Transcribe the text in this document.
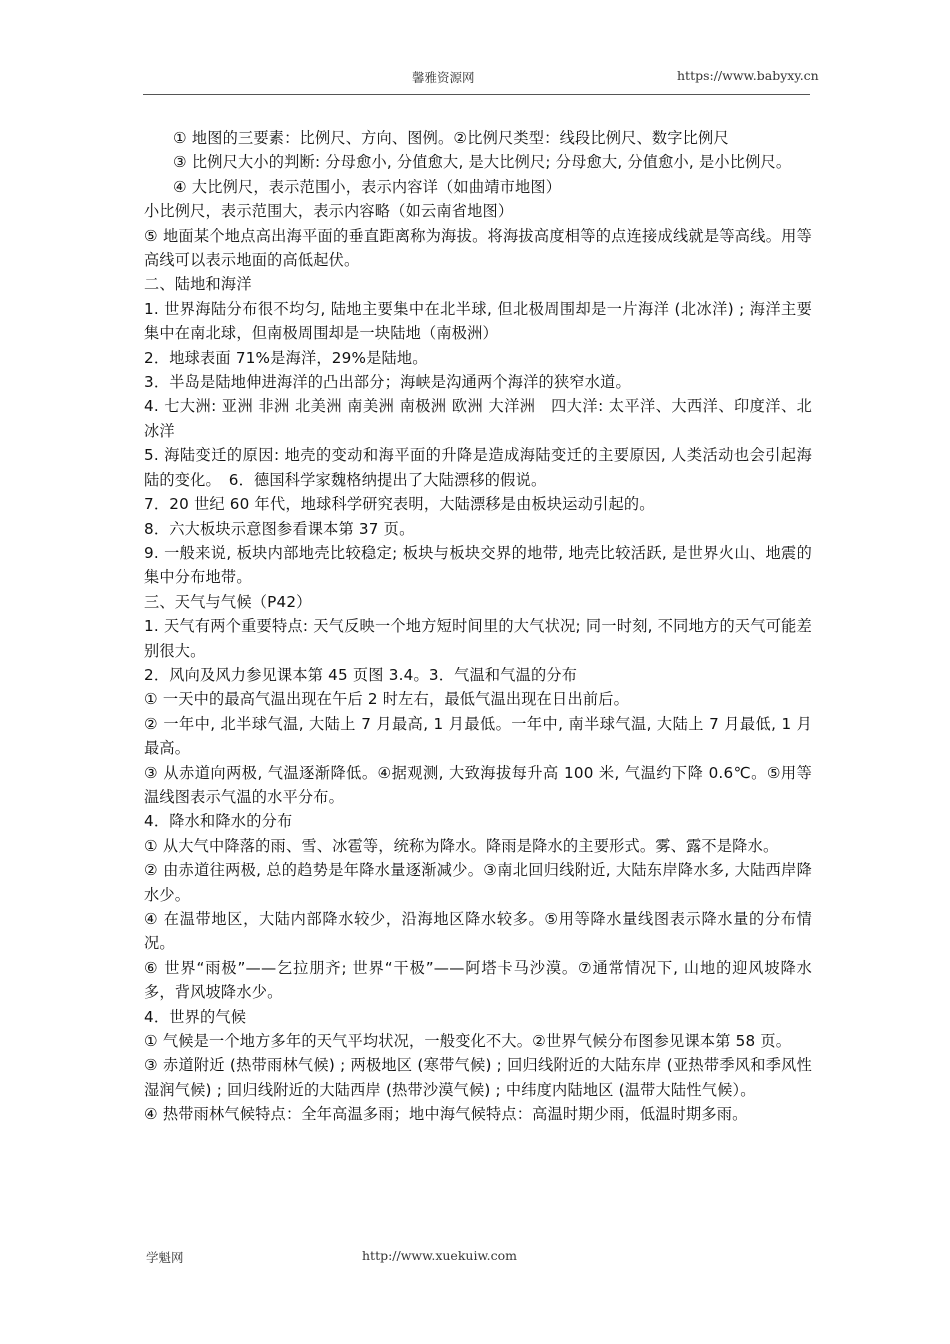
馨雅资源网	https://www.babyxy.cn

① 地图的三要素：比例尺、方向、图例。②比例尺类型：线段比例尺、数字比例尺

③ 比例尺大小的判断: 分母愈小, 分值愈大, 是大比例尺; 分母愈大, 分值愈小, 是小比例尺。

④ 大比例尺，表示范围小，表示内容详（如曲靖市地图）

小比例尺，表示范围大，表示内容略（如云南省地图）

⑤ 地面某个地点高出海平面的垂直距离称为海拔。将海拔高度相等的点连接成线就是等高线。用等高线可以表示地面的高低起伏。

二、陆地和海洋

1. 世界海陆分布很不均匀, 陆地主要集中在北半球, 但北极周围却是一片海洋 (北冰洋) ; 海洋主要集中在南北球，但南极周围却是一块陆地（南极洲）

2．地球表面 71%是海洋，29%是陆地。

3．半岛是陆地伸进海洋的凸出部分；海峡是沟通两个海洋的狭窄水道。

4. 七大洲: 亚洲 非洲 北美洲 南美洲 南极洲 欧洲 大洋洲　四大洋: 太平洋、大西洋、印度洋、北冰洋

5. 海陆变迁的原因: 地壳的变动和海平面的升降是造成海陆变迁的主要原因, 人类活动也会引起海陆的变化。　6．德国科学家魏格纳提出了大陆漂移的假说。

7．20 世纪 60 年代，地球科学研究表明，大陆漂移是由板块运动引起的。

8．六大板块示意图参看课本第 37 页。

9. 一般来说, 板块内部地壳比较稳定; 板块与板块交界的地带, 地壳比较活跃, 是世界火山、地震的集中分布地带。

三、天气与气候（P42）

1. 天气有两个重要特点: 天气反映一个地方短时间里的大气状况; 同一时刻, 不同地方的天气可能差别很大。

2．风向及风力参见课本第 45 页图 3.4。3．气温和气温的分布

① 一天中的最高气温出现在午后 2 时左右，最低气温出现在日出前后。

② 一年中, 北半球气温, 大陆上 7 月最高, 1 月最低。一年中, 南半球气温, 大陆上 7 月最低, 1 月最高。

③ 从赤道向两极, 气温逐渐降低。④据观测, 大致海拔每升高 100 米, 气温约下降 0.6℃。⑤用等温线图表示气温的水平分布。

4．降水和降水的分布

① 从大气中降落的雨、雪、冰雹等，统称为降水。降雨是降水的主要形式。雾、露不是降水。

② 由赤道往两极, 总的趋势是年降水量逐渐减少。③南北回归线附近, 大陆东岸降水多, 大陆西岸降水少。

④ 在温带地区，大陆内部降水较少，沿海地区降水较多。⑤用等降水量线图表示降水量的分布情况。

⑥ 世界“雨极”——乞拉朋齐; 世界“干极”——阿塔卡马沙漠。⑦通常情况下, 山地的迎风坡降水多，背风坡降水少。

4．世界的气候

① 气候是一个地方多年的天气平均状况，一般变化不大。②世界气候分布图参见课本第 58 页。

③ 赤道附近 (热带雨林气候) ; 两极地区 (寒带气候) ; 回归线附近的大陆东岸 (亚热带季风和季风性湿润气候) ; 回归线附近的大陆西岸 (热带沙漠气候) ; 中纬度内陆地区 (温带大陆性气候）。

④ 热带雨林气候特点：全年高温多雨；地中海气候特点：高温时期少雨，低温时期多雨。

学魁网	http://www.xuekuiw.com
